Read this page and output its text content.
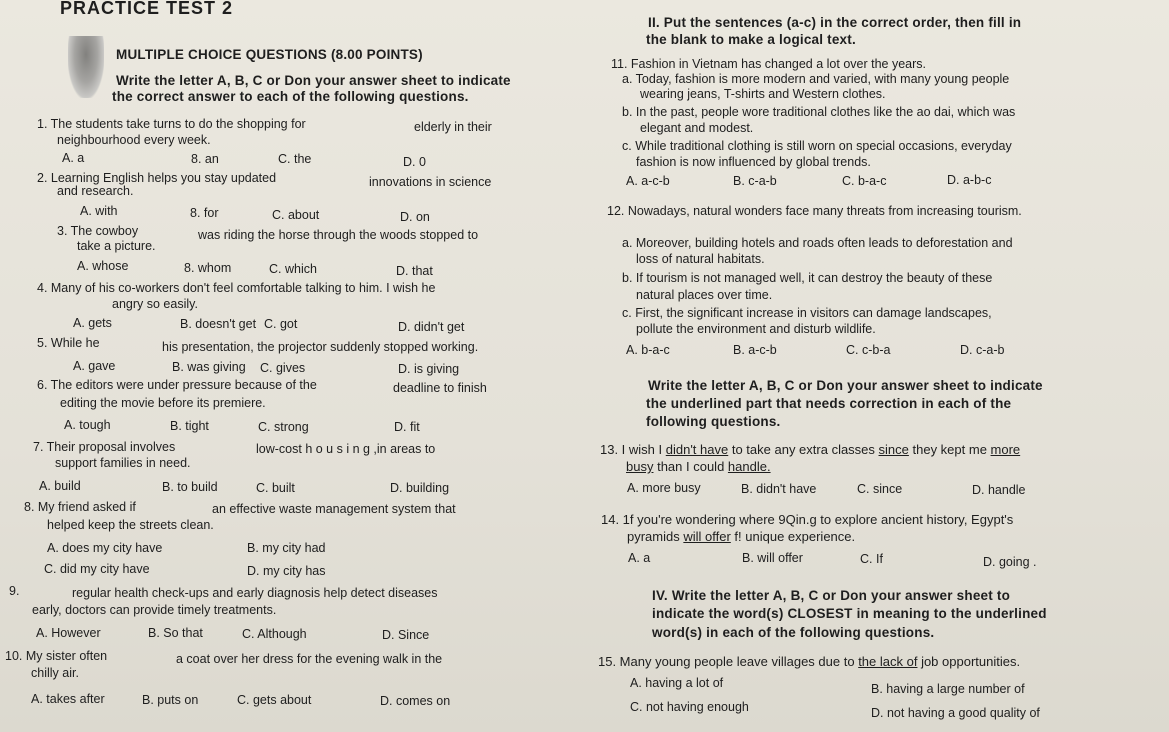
PRACTICE TEST 2
MULTIPLE CHOICE QUESTIONS (8.00 POINTS)
Write the letter A, B, C or Don your answer sheet to indicate
the correct answer to each of the following questions.
1. The students take turns to do the shopping for	elderly in their
neighbourhood every week.
A. a	8. an	C. the	D. 0
2. Learning English helps you stay updated	innovations in science
and research.
A. with	8. for	C. about	D. on
3. The cowboy	was riding the horse through the woods stopped to
take a picture.
A. whose	8. whom	C. which	D. that
4. Many of his co-workers don't feel comfortable talking to him. I wish he
angry so easily.
A. gets	B. doesn't get C. got	D. didn't get
5. While he	his presentation, the projector suddenly stopped working.
A. gave	B. was giving C. gives	D. is giving
6. The editors were under pressure because of the	deadline to finish
editing the movie before its premiere.
A. tough	B. tight	C. strong	D. fit
7. Their proposal involves	low-cost h o u s i n g ,in areas to
support families in need.
A. build	B. to build	C. built	D. building
8. My friend asked if	an effective waste management system that
helped keep the streets clean.
A. does my city have	B. my city had
C. did my city have	D. my city has
9.	regular health check-ups and early diagnosis help detect diseases
early, doctors can provide timely treatments.
A. However	B. So that	C. Although	D. Since
10. My sister often	a coat over her dress for the evening walk in the
chilly air.
A. takes after	B. puts on	C. gets about	D. comes on
II. Put the sentences (a-c) in the correct order, then fill in
the blank to make a logical text.
11. Fashion in Vietnam has changed a lot over the years.
a. Today, fashion is more modern and varied, with many young people
wearing jeans, T-shirts and Western clothes.
b. In the past, people wore traditional clothes like the ao dai, which was
elegant and modest.
c. While traditional clothing is still worn on special occasions, everyday
fashion is now influenced by global trends.
A. a-c-b	B. c-a-b	C. b-a-c	D. a-b-c
12. Nowadays, natural wonders face many threats from increasing tourism.
a. Moreover, building hotels and roads often leads to deforestation and
loss of natural habitats.
b. If tourism is not managed well, it can destroy the beauty of these
natural places over time.
c. First, the significant increase in visitors can damage landscapes,
pollute the environment and disturb wildlife.
A. b-a-c	B. a-c-b	C. c-b-a	D. c-a-b
Write the letter A, B, C or Don your answer sheet to indicate
the underlined part that needs correction in each of the
following questions.
13. I wish I didn't have to take any extra classes since they kept me more
busy than I could handle.
A. more busy	B. didn't have	C. since	D. handle
14. 1f you're wondering where 9Qin.g to explore ancient history, Egypt's
pyramids will offer f! unique experience.
A. a	B. will offer	C. If	D. going .
IV. Write the letter A, B, C or Don your answer sheet to
indicate the word(s) CLOSEST in meaning to the underlined
word(s) in each of the following questions.
15. Many young people leave villages due to the lack of job opportunities.
A. having a lot of	B. having a large number of
C. not having enough	D. not having a good quality of
